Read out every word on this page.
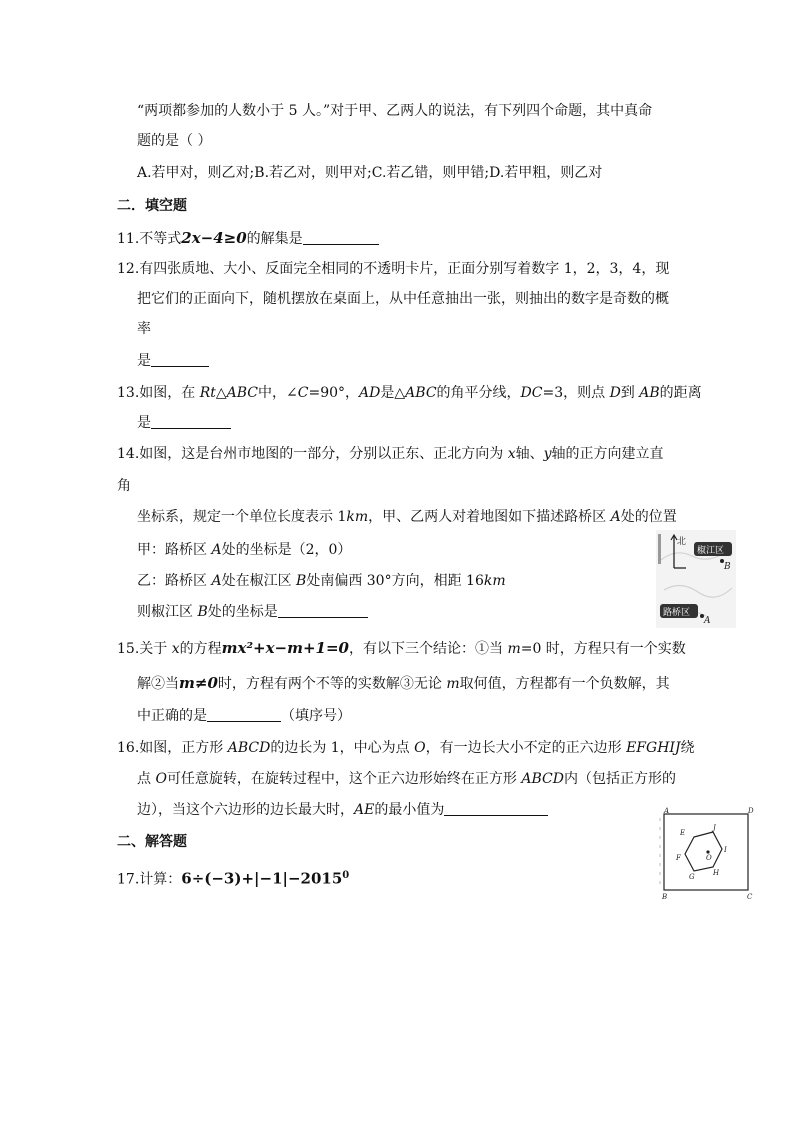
“两项都参加的人数小于 5 人。”对于甲、乙两人的说法，有下列四个命题，其中真命
题的是（ ）
A.若甲对，则乙对;B.若乙对，则甲对;C.若乙错，则甲错;D.若甲粗，则乙对
二．填空题
11.不等式2x−4≥0的解集是
12.有四张质地、大小、反面完全相同的不透明卡片，正面分别写着数字 1，2，3，4，现
把它们的正面向下，随机摆放在桌面上，从中任意抽出一张，则抽出的数字是奇数的概
率
是
13.如图，在 Rt△ABC中，∠C=90°，AD是△ABC的角平分线，DC=3，则点 D到 AB的距离
是
14.如图，这是台州市地图的一部分，分别以正东、正北方向为 x轴、y轴的正方向建立直
角
坐标系，规定一个单位长度表示 1km，甲、乙两人对着地图如下描述路桥区 A处的位置
甲：路桥区 A处的坐标是（2，0）
乙：路桥区 A处在椒江区 B处南偏西 30°方向，相距 16km
则椒江区 B处的坐标是
北
椒江区
B
路桥区
A
15.关于 x的方程mx²+x−m+1=0，有以下三个结论：①当 m=0 时，方程只有一个实数
解②当m≠0时，方程有两个不等的实数解③无论 m取何值，方程都有一个负数解，其
中正确的是	（填序号）
16.如图，正方形 ABCD的边长为 1，中心为点 O，有一边长大小不定的正六边形 EFGHIJ绕
点 O可任意旋转，在旋转过程中，这个正六边形始终在正方形 ABCD内（包括正方形的
边），当这个六边形的边长最大时，AE的最小值为	A	D
B	C
E
J
I
H
G
F	O
二、解答题
17.计算：$6\div(-3)+|-1|-2015^0$
